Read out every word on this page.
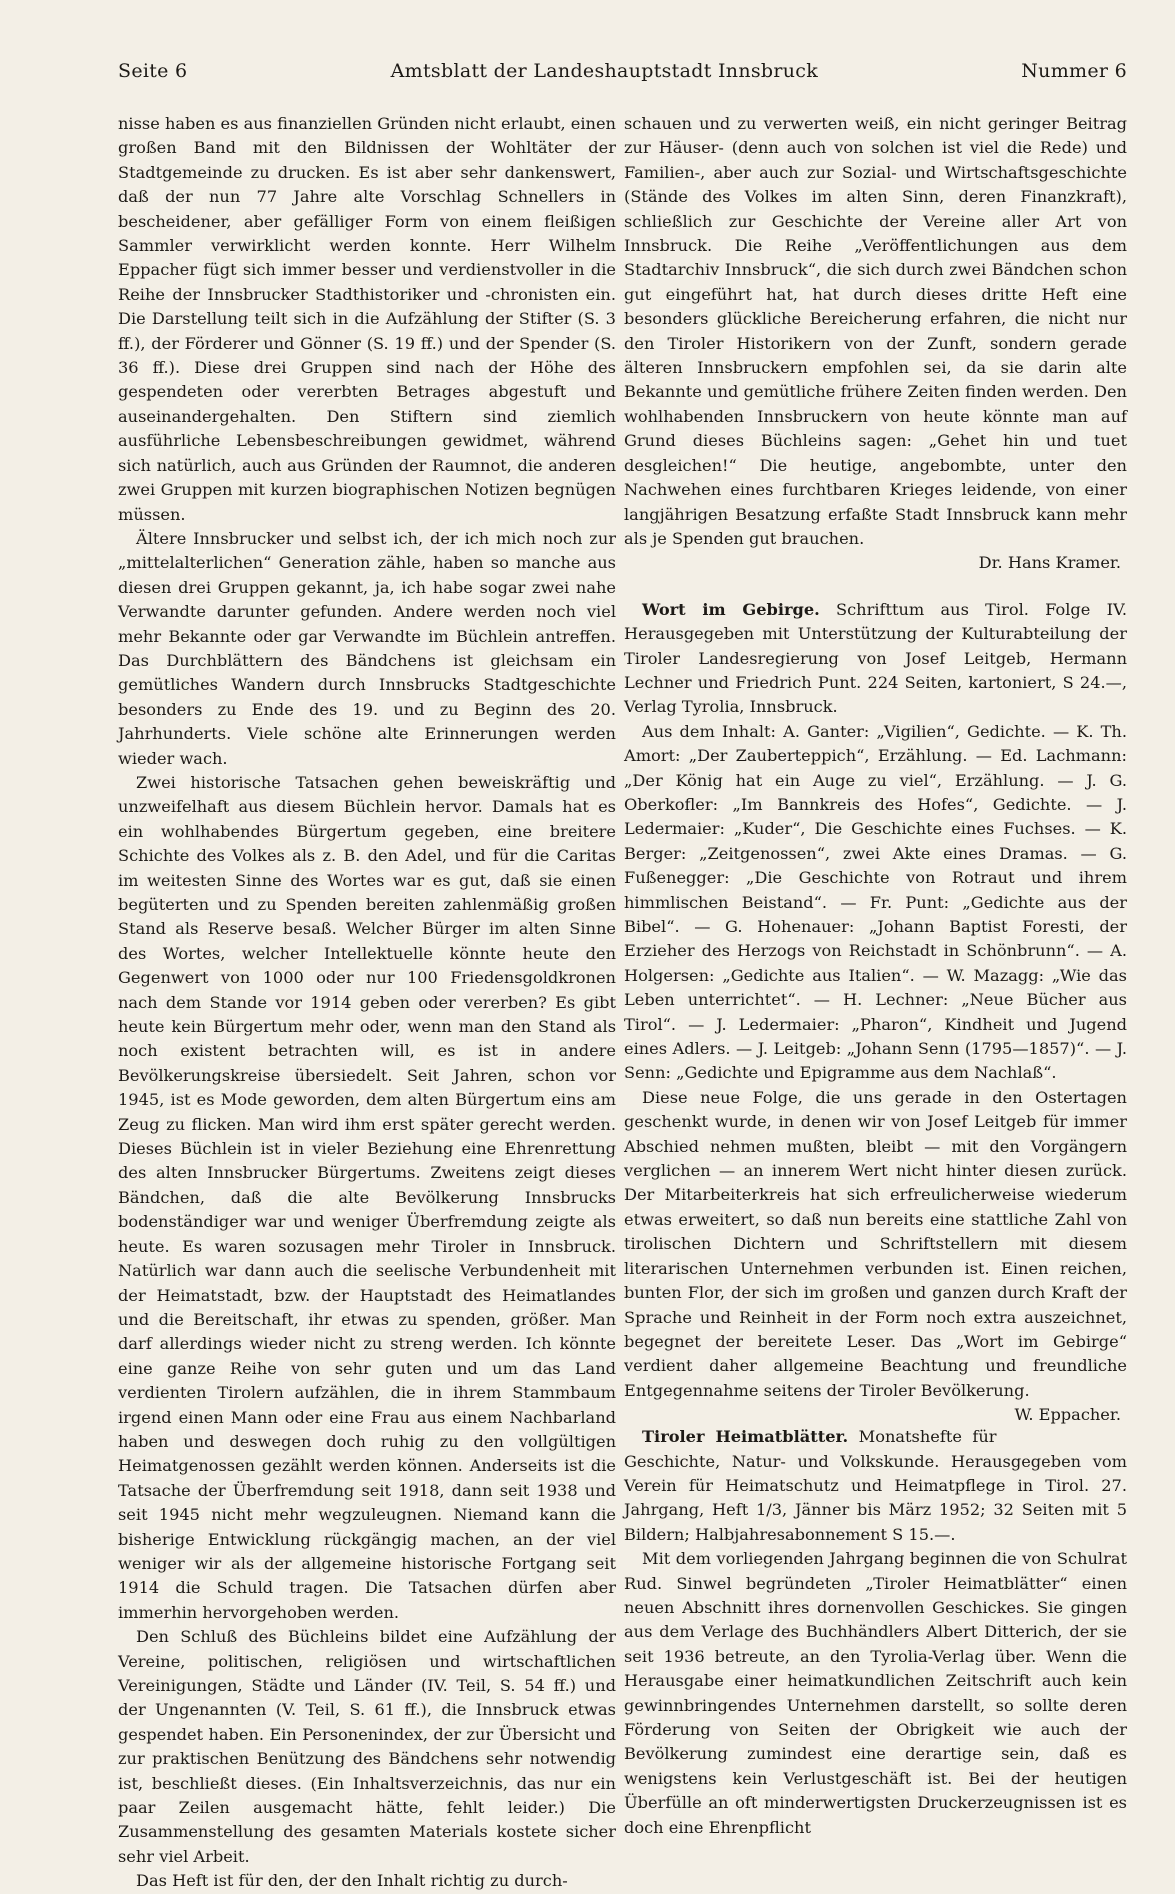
Seite 6	Amtsblatt der Landeshauptstadt Innsbruck	Nummer 6

nisse haben es aus finanziellen Gründen nicht erlaubt, einen großen Band mit den Bildnissen der Wohltäter der Stadtgemeinde zu drucken. Es ist aber sehr dankenswert, daß der nun 77 Jahre alte Vorschlag Schnellers in bescheidener, aber gefälliger Form von einem fleißigen Sammler verwirklicht werden konnte. Herr Wilhelm Eppacher fügt sich immer besser und verdienstvoller in die Reihe der Innsbrucker Stadthistoriker und -chronisten ein. Die Darstellung teilt sich in die Aufzählung der Stifter (S. 3 ff.), der Förderer und Gönner (S. 19 ff.) und der Spender (S. 36 ff.). Diese drei Gruppen sind nach der Höhe des gespendeten oder vererbten Betrages abgestuft und auseinandergehalten. Den Stiftern sind ziemlich ausführliche Lebensbeschreibungen gewidmet, während sich natürlich, auch aus Gründen der Raumnot, die anderen zwei Gruppen mit kurzen biographischen Notizen begnügen müssen.

Ältere Innsbrucker und selbst ich, der ich mich noch zur „mittelalterlichen“ Generation zähle, haben so manche aus diesen drei Gruppen gekannt, ja, ich habe sogar zwei nahe Verwandte darunter gefunden. Andere werden noch viel mehr Bekannte oder gar Verwandte im Büchlein antreffen. Das Durchblättern des Bändchens ist gleichsam ein gemütliches Wandern durch Innsbrucks Stadtgeschichte besonders zu Ende des 19. und zu Beginn des 20. Jahrhunderts. Viele schöne alte Erinnerungen werden wieder wach.

Zwei historische Tatsachen gehen beweiskräftig und unzweifelhaft aus diesem Büchlein hervor. Damals hat es ein wohlhabendes Bürgertum gegeben, eine breitere Schichte des Volkes als z. B. den Adel, und für die Caritas im weitesten Sinne des Wortes war es gut, daß sie einen begüterten und zu Spenden bereiten zahlenmäßig großen Stand als Reserve besaß. Welcher Bürger im alten Sinne des Wortes, welcher Intellektuelle könnte heute den Gegenwert von 1000 oder nur 100 Friedensgoldkronen nach dem Stande vor 1914 geben oder vererben? Es gibt heute kein Bürgertum mehr oder, wenn man den Stand als noch existent betrachten will, es ist in andere Bevölkerungskreise übersiedelt. Seit Jahren, schon vor 1945, ist es Mode geworden, dem alten Bürgertum eins am Zeug zu flicken. Man wird ihm erst später gerecht werden. Dieses Büchlein ist in vieler Beziehung eine Ehrenrettung des alten Innsbrucker Bürgertums. Zweitens zeigt dieses Bändchen, daß die alte Bevölkerung Innsbrucks bodenständiger war und weniger Überfremdung zeigte als heute. Es waren sozusagen mehr Tiroler in Innsbruck. Natürlich war dann auch die seelische Verbundenheit mit der Heimatstadt, bzw. der Hauptstadt des Heimatlandes und die Bereitschaft, ihr etwas zu spenden, größer. Man darf allerdings wieder nicht zu streng werden. Ich könnte eine ganze Reihe von sehr guten und um das Land verdienten Tirolern aufzählen, die in ihrem Stammbaum irgend einen Mann oder eine Frau aus einem Nachbarland haben und deswegen doch ruhig zu den vollgültigen Heimatgenossen gezählt werden können. Anderseits ist die Tatsache der Überfremdung seit 1918, dann seit 1938 und seit 1945 nicht mehr wegzuleugnen. Niemand kann die bisherige Entwicklung rückgängig machen, an der viel weniger wir als der allgemeine historische Fortgang seit 1914 die Schuld tragen. Die Tatsachen dürfen aber immerhin hervorgehoben werden.

Den Schluß des Büchleins bildet eine Aufzählung der Vereine, politischen, religiösen und wirtschaftlichen Vereinigungen, Städte und Länder (IV. Teil, S. 54 ff.) und der Ungenannten (V. Teil, S. 61 ff.), die Innsbruck etwas gespendet haben. Ein Personenindex, der zur Übersicht und zur praktischen Benützung des Bändchens sehr notwendig ist, beschließt dieses. (Ein Inhaltsverzeichnis, das nur ein paar Zeilen ausgemacht hätte, fehlt leider.) Die Zusammenstellung des gesamten Materials kostete sicher sehr viel Arbeit.

Das Heft ist für den, der den Inhalt richtig zu durch-

schauen und zu verwerten weiß, ein nicht geringer Beitrag zur Häuser- (denn auch von solchen ist viel die Rede) und Familien-, aber auch zur Sozial- und Wirtschaftsgeschichte (Stände des Volkes im alten Sinn, deren Finanzkraft), schließlich zur Geschichte der Vereine aller Art von Innsbruck. Die Reihe „Veröffentlichungen aus dem Stadtarchiv Innsbruck“, die sich durch zwei Bändchen schon gut eingeführt hat, hat durch dieses dritte Heft eine besonders glückliche Bereicherung erfahren, die nicht nur den Tiroler Historikern von der Zunft, sondern gerade älteren Innsbruckern empfohlen sei, da sie darin alte Bekannte und gemütliche frühere Zeiten finden werden. Den wohlhabenden Innsbruckern von heute könnte man auf Grund dieses Büchleins sagen: „Gehet hin und tuet desgleichen!“ Die heutige, angebombte, unter den Nachwehen eines furchtbaren Krieges leidende, von einer langjährigen Besatzung erfaßte Stadt Innsbruck kann mehr als je Spenden gut brauchen.

Dr. Hans Kramer.

Wort im Gebirge. Schrifttum aus Tirol. Folge IV. Herausgegeben mit Unterstützung der Kulturabteilung der Tiroler Landesregierung von Josef Leitgeb, Hermann Lechner und Friedrich Punt. 224 Seiten, kartoniert, S 24.—, Verlag Tyrolia, Innsbruck.

Aus dem Inhalt: A. Ganter: „Vigilien“, Gedichte. — K. Th. Amort: „Der Zauberteppich“, Erzählung. — Ed. Lachmann: „Der König hat ein Auge zu viel“, Erzählung. — J. G. Oberkofler: „Im Bannkreis des Hofes“, Gedichte. — J. Ledermaier: „Kuder“, Die Geschichte eines Fuchses. — K. Berger: „Zeitgenossen“, zwei Akte eines Dramas. — G. Fußenegger: „Die Geschichte von Rotraut und ihrem himmlischen Beistand“. — Fr. Punt: „Gedichte aus der Bibel“. — G. Hohenauer: „Johann Baptist Foresti, der Erzieher des Herzogs von Reichstadt in Schönbrunn“. — A. Holgersen: „Gedichte aus Italien“. — W. Mazagg: „Wie das Leben unterrichtet“. — H. Lechner: „Neue Bücher aus Tirol“. — J. Ledermaier: „Pharon“, Kindheit und Jugend eines Adlers. — J. Leitgeb: „Johann Senn (1795—1857)“. — J. Senn: „Gedichte und Epigramme aus dem Nachlaß“.

Diese neue Folge, die uns gerade in den Ostertagen geschenkt wurde, in denen wir von Josef Leitgeb für immer Abschied nehmen mußten, bleibt — mit den Vorgängern verglichen — an innerem Wert nicht hinter diesen zurück. Der Mitarbeiterkreis hat sich erfreulicherweise wiederum etwas erweitert, so daß nun bereits eine stattliche Zahl von tirolischen Dichtern und Schriftstellern mit diesem literarischen Unternehmen verbunden ist. Einen reichen, bunten Flor, der sich im großen und ganzen durch Kraft der Sprache und Reinheit in der Form noch extra auszeichnet, begegnet der bereitete Leser. Das „Wort im Gebirge“ verdient daher allgemeine Beachtung und freundliche Entgegennahme seitens der Tiroler Bevölkerung.
W. Eppacher.

Tiroler Heimatblätter. Monatshefte für Geschichte, Natur- und Volkskunde. Herausgegeben vom Verein für Heimatschutz und Heimatpflege in Tirol. 27. Jahrgang, Heft 1/3, Jänner bis März 1952; 32 Seiten mit 5 Bildern; Halbjahresabonnement S 15.—.

Mit dem vorliegenden Jahrgang beginnen die von Schulrat Rud. Sinwel begründeten „Tiroler Heimatblätter“ einen neuen Abschnitt ihres dornenvollen Geschickes. Sie gingen aus dem Verlage des Buchhändlers Albert Ditterich, der sie seit 1936 betreute, an den Tyrolia-Verlag über. Wenn die Herausgabe einer heimatkundlichen Zeitschrift auch kein gewinnbringendes Unternehmen darstellt, so sollte deren Förderung von Seiten der Obrigkeit wie auch der Bevölkerung zumindest eine derartige sein, daß es wenigstens kein Verlustgeschäft ist. Bei der heutigen Überfülle an oft minderwertigsten Druckerzeugnissen ist es doch eine Ehrenpflicht
